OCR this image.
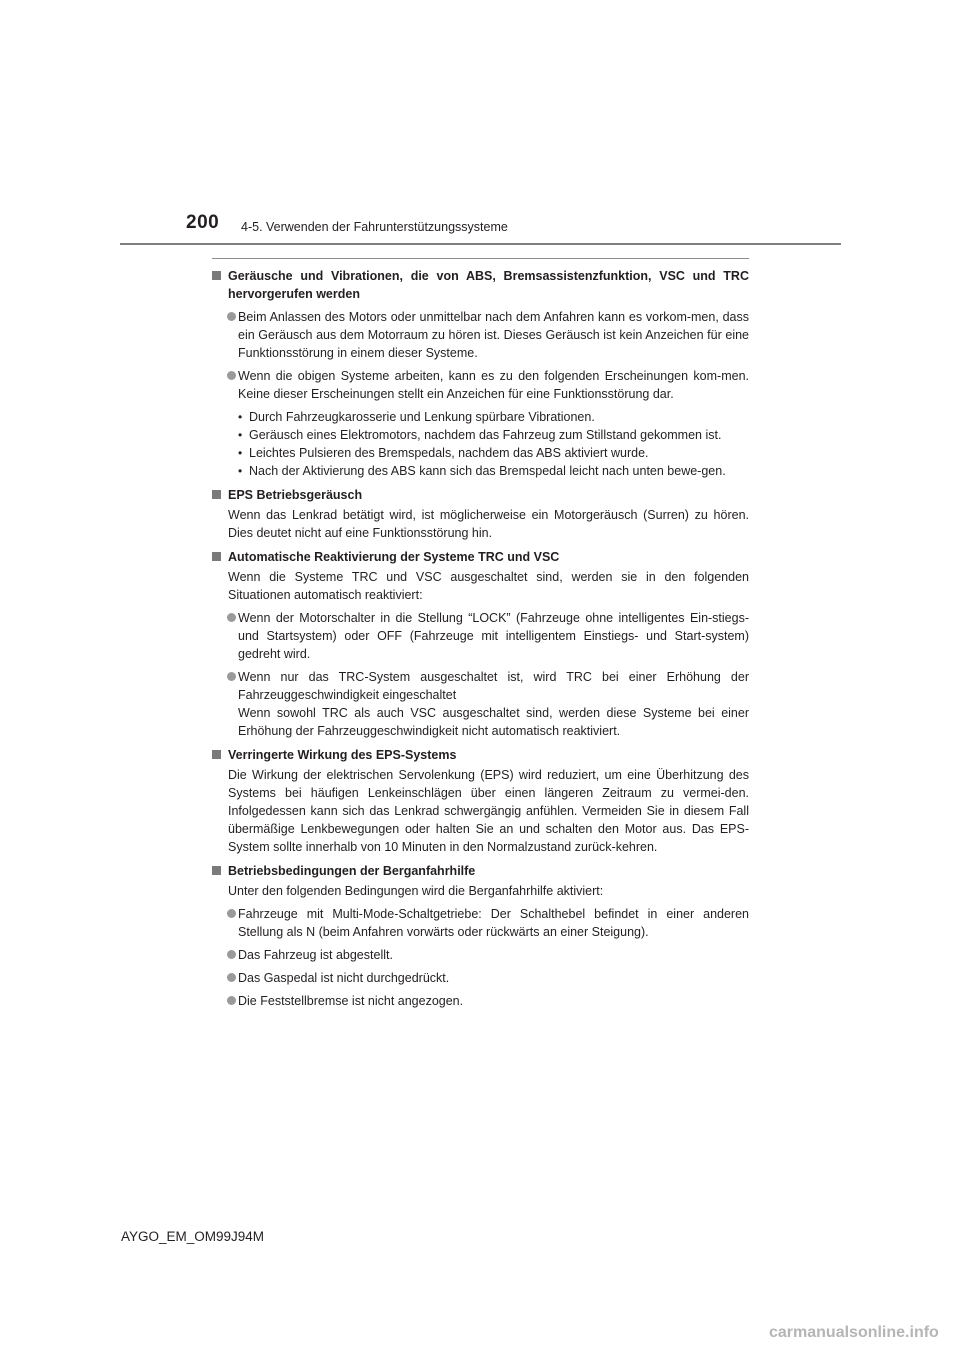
200 4-5. Verwenden der Fahrunterstützungssysteme
Geräusche und Vibrationen, die von ABS, Bremsassistenzfunktion, VSC und TRC hervorgerufen werden
Beim Anlassen des Motors oder unmittelbar nach dem Anfahren kann es vorkom-men, dass ein Geräusch aus dem Motorraum zu hören ist. Dieses Geräusch ist kein Anzeichen für eine Funktionsstörung in einem dieser Systeme.
Wenn die obigen Systeme arbeiten, kann es zu den folgenden Erscheinungen kom-men. Keine dieser Erscheinungen stellt ein Anzeichen für eine Funktionsstörung dar.
• Durch Fahrzeugkarosserie und Lenkung spürbare Vibrationen.
• Geräusch eines Elektromotors, nachdem das Fahrzeug zum Stillstand gekommen ist.
• Leichtes Pulsieren des Bremspedals, nachdem das ABS aktiviert wurde.
• Nach der Aktivierung des ABS kann sich das Bremspedal leicht nach unten bewe-gen.
EPS Betriebsgeräusch
Wenn das Lenkrad betätigt wird, ist möglicherweise ein Motorgeräusch (Surren) zu hören. Dies deutet nicht auf eine Funktionsstörung hin.
Automatische Reaktivierung der Systeme TRC und VSC
Wenn die Systeme TRC und VSC ausgeschaltet sind, werden sie in den folgenden Situationen automatisch reaktiviert:
Wenn der Motorschalter in die Stellung “LOCK” (Fahrzeuge ohne intelligentes Ein-stiegs- und Startsystem) oder OFF (Fahrzeuge mit intelligentem Einstiegs- und Start-system) gedreht wird.
Wenn nur das TRC-System ausgeschaltet ist, wird TRC bei einer Erhöhung der Fahrzeuggeschwindigkeit eingeschaltet
Wenn sowohl TRC als auch VSC ausgeschaltet sind, werden diese Systeme bei einer Erhöhung der Fahrzeuggeschwindigkeit nicht automatisch reaktiviert.
Verringerte Wirkung des EPS-Systems
Die Wirkung der elektrischen Servolenkung (EPS) wird reduziert, um eine Überhitzung des Systems bei häufigen Lenkeinschlägen über einen längeren Zeitraum zu vermei-den. Infolgedessen kann sich das Lenkrad schwergängig anfühlen. Vermeiden Sie in diesem Fall übermäßige Lenkbewegungen oder halten Sie an und schalten den Motor aus. Das EPS-System sollte innerhalb von 10 Minuten in den Normalzustand zurück-kehren.
Betriebsbedingungen der Berganfahrhilfe
Unter den folgenden Bedingungen wird die Berganfahrhilfe aktiviert:
Fahrzeuge mit Multi-Mode-Schaltgetriebe: Der Schalthebel befindet in einer anderen Stellung als N (beim Anfahren vorwärts oder rückwärts an einer Steigung).
Das Fahrzeug ist abgestellt.
Das Gaspedal ist nicht durchgedrückt.
Die Feststellbremse ist nicht angezogen.
AYGO_EM_OM99J94M
carmanualsonline.info
